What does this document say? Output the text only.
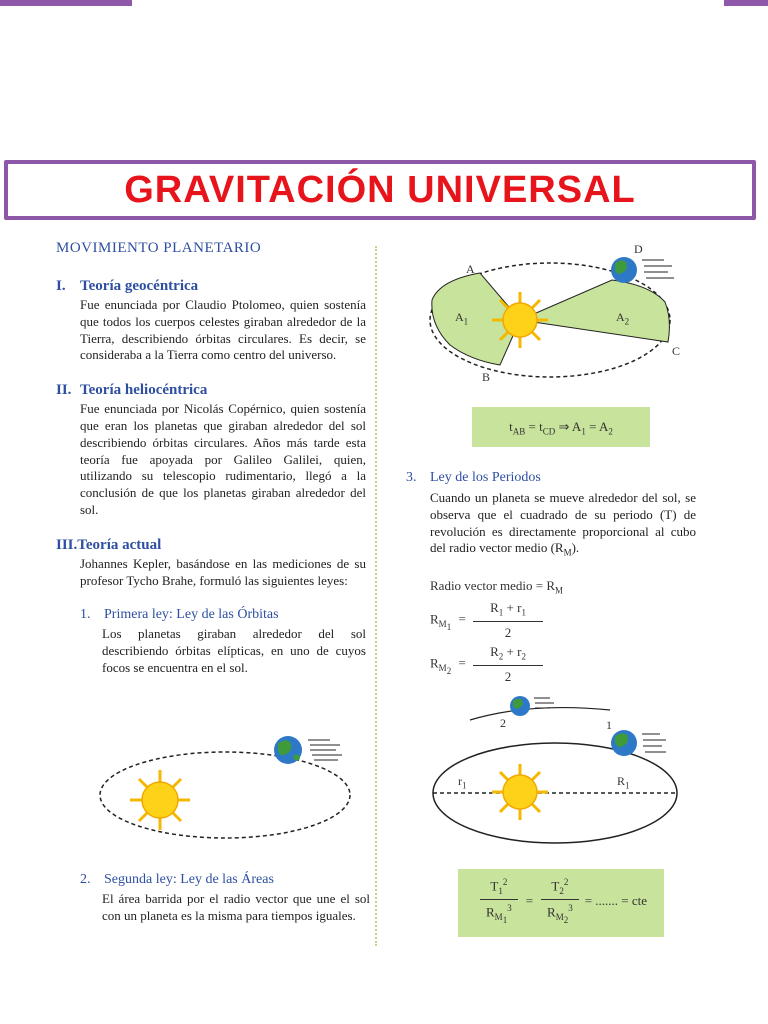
GRAVITACIÓN UNIVERSAL

MOVIMIENTO PLANETARIO

I. Teoría geocéntrica

Fue enunciada por Claudio Ptolomeo, quien sostenía que todos los cuerpos celestes giraban alrededor de la Tierra, describiendo órbitas circulares. Es decir, se consideraba a la Tierra como centro del universo.

II. Teoría heliocéntrica

Fue enunciada por Nicolás Copérnico, quien sostenía que eran los planetas que giraban alrededor del sol describiendo órbitas circulares. Años más tarde esta teoría fue apoyada por Galileo Galilei, quien, utilizando su telescopio rudimentario, llegó a la conclusión de que los planetas giraban alrededor del sol.

III.Teoría actual

Johannes Kepler, basándose en las mediciones de su profesor Tycho Brahe, formuló las siguientes leyes:

1. Primera ley: Ley de las Órbitas

Los planetas giraban alrededor del sol describiendo órbitas elípticas, en uno de cuyos focos se encuentra en el sol.

2. Segunda ley: Ley de las Áreas

El área barrida por el radio vector que une el sol con un planeta es la misma para tiempos iguales.

A
B
C
D
$A_1$	$A_2$
$t_{AB} = t_{CD}$ ⇒ $A_1 = A_2$

3. Ley de los Periodos

Cuando un planeta se mueve alrededor del sol, se observa que el cuadrado de su periodo (T) de revolución es directamente proporcional al cubo del radio vector medio $(R_M)$.

Radio vector medio = $R_M$
$R_{M_1} = \frac{R_1 + r_1}{2}$
$R_{M_2} = \frac{R_2 + r_2}{2}$
2	1
$r_1$	$R_1$
$\frac{T_1^2}{R_{M_1}^3} = \frac{T_2^2}{R_{M_2}^3}$ = ....... = cte
